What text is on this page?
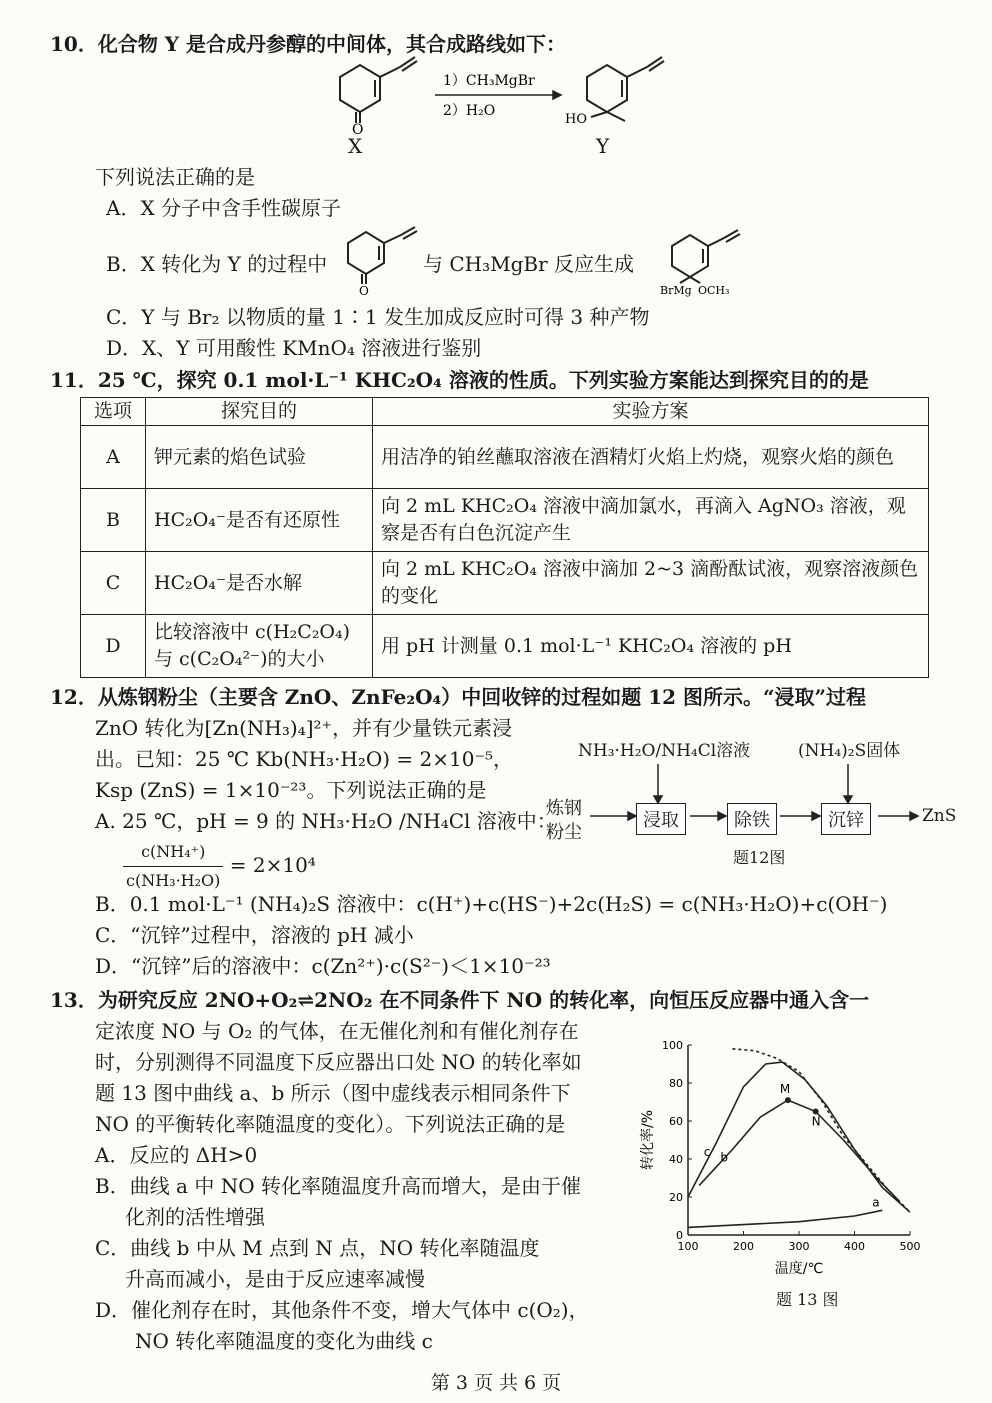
10．化合物 Y 是合成丹参醇的中间体，其合成路线如下：
O
1）CH₃MgBr
2）H₂O
HO
X	Y
下列说法正确的是
A．X 分子中含手性碳原子
B．X 转化为 Y 的过程中
O
与 CH₃MgBr 反应生成
BrMg OCH₃
C．Y 与 Br₂ 以物质的量 1∶1 发生加成反应时可得 3 种产物
D．X、Y 可用酸性 KMnO₄ 溶液进行鉴别
11．25 ℃，探究 0.1 mol·L⁻¹ KHC₂O₄ 溶液的性质。下列实验方案能达到探究目的的是
选项	探究目的	实验方案
A	钾元素的焰色试验	用洁净的铂丝蘸取溶液在酒精灯火焰上灼烧，观察火焰的颜色
B	HC₂O₄⁻是否有还原性	向 2 mL KHC₂O₄ 溶液中滴加氯水，再滴入 AgNO₃ 溶液，观察是否有白色沉淀产生
C	HC₂O₄⁻是否水解	向 2 mL KHC₂O₄ 溶液中滴加 2~3 滴酚酞试液，观察溶液颜色的变化
D	比较溶液中 c(H₂C₂O₄) 与 c(C₂O₄²⁻)的大小	用 pH 计测量 0.1 mol·L⁻¹ KHC₂O₄ 溶液的 pH
12．从炼钢粉尘（主要含 ZnO、ZnFe₂O₄）中回收锌的过程如题 12 图所示。“浸取”过程
ZnO 转化为[Zn(NH₃)₄]²⁺，并有少量铁元素浸
出。已知：25 ℃ Kb(NH₃·H₂O) = 2×10⁻⁵，
Ksp (ZnS) = 1×10⁻²³。下列说法正确的是
A. 25 ℃，pH = 9 的 NH₃·H₂O /NH₄Cl 溶液中：
$\frac{\text{c(NH₄⁺)}}{\text{c(NH₃·H₂O)}} = 2\times 10^4$
B．0.1 mol·L⁻¹ (NH₄)₂S 溶液中：c(H⁺)+c(HS⁻)+2c(H₂S) = c(NH₃·H₂O)+c(OH⁻)
C．“沉锌”过程中，溶液的 pH 减小
D．“沉锌”后的溶液中：c(Zn²⁺)·c(S²⁻)＜1×10⁻²³
NH₃·H₂O/NH₄Cl溶液	(NH₄)₂S固体
炼钢
粉尘
浸取	除铁	沉锌	ZnS
题12图
13．为研究反应 2NO+O₂⇌2NO₂ 在不同条件下 NO 的转化率，向恒压反应器中通入含一
定浓度 NO 与 O₂ 的气体，在无催化剂和有催化剂存在
时，分别测得不同温度下反应器出口处 NO 的转化率如
题 13 图中曲线 a、b 所示（图中虚线表示相同条件下
NO 的平衡转化率随温度的变化）。下列说法正确的是
A．反应的 ΔH>0
B．曲线 a 中 NO 转化率随温度升高而增大，是由于催
化剂的活性增强
C．曲线 b 中从 M 点到 N 点，NO 转化率随温度
升高而减小，是由于反应速率减慢
D．催化剂存在时，其他条件不变，增大气体中 c(O₂)，
NO 转化率随温度的变化为曲线 c
0
20
40
60
80
100
100	200	300	400	500
温度/℃
转化率/%
a
b
c
M
N
题 13 图
第 3 页 共 6 页
